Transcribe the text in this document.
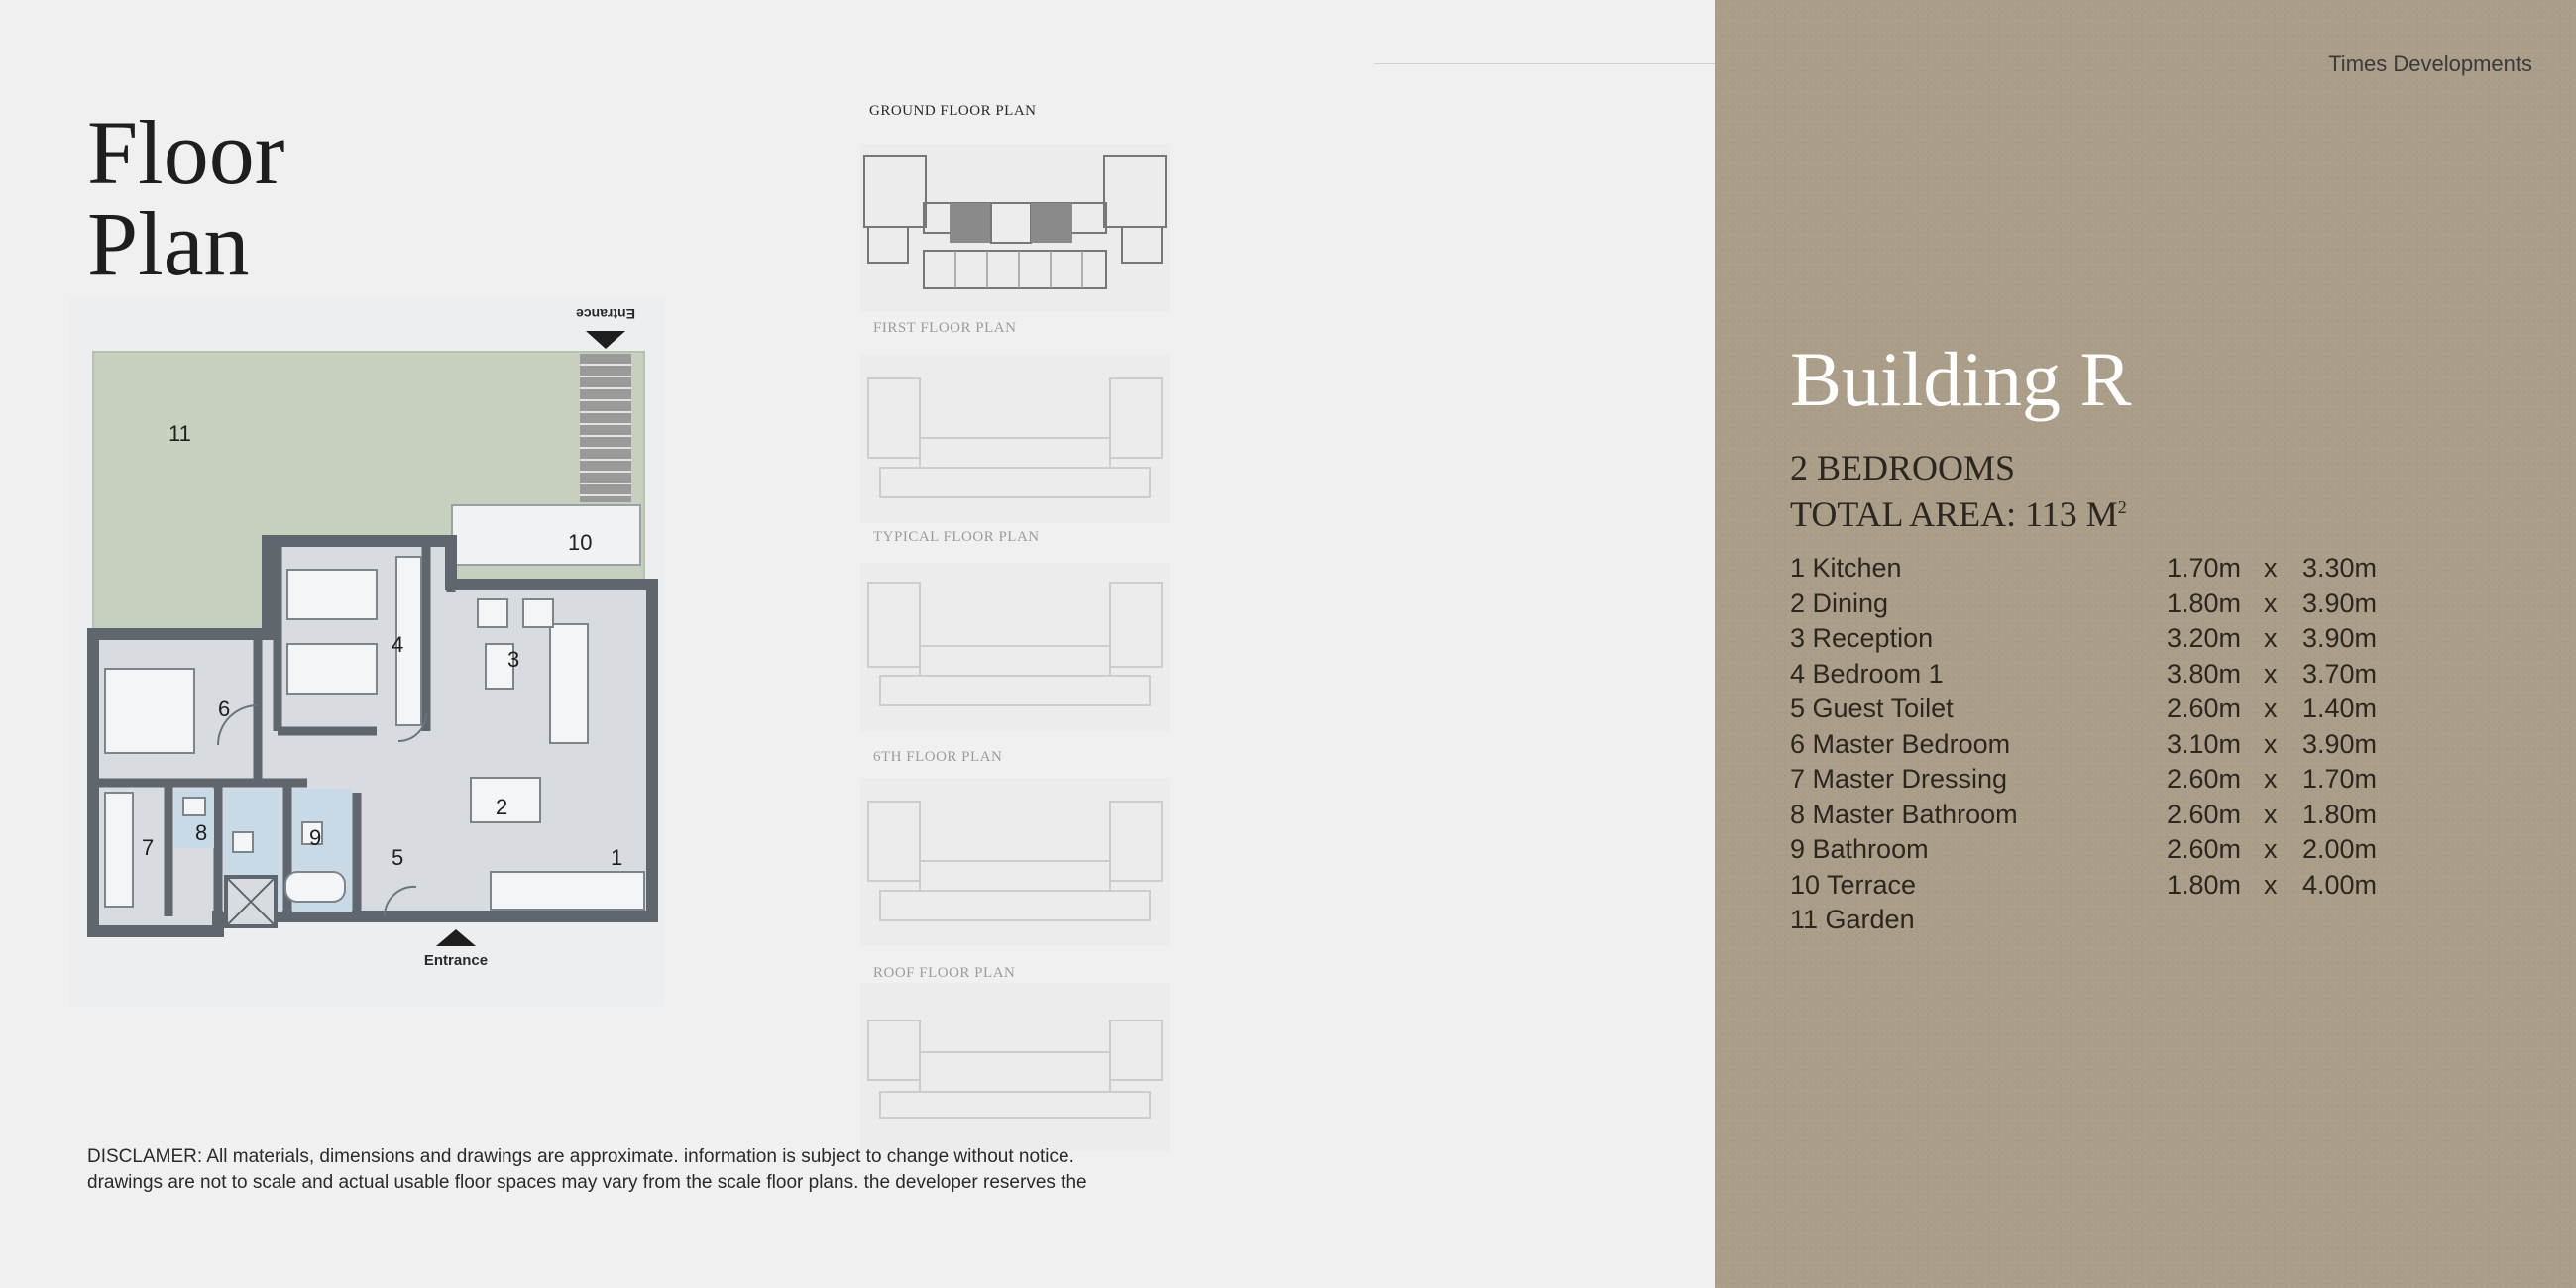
Floor
Plan
Entrance
Entrance
1
2
3
4
5
6
7
8	9
10
11
GROUND FLOOR PLAN
FIRST FLOOR PLAN
TYPICAL FLOOR PLAN
6TH FLOOR PLAN
ROOF FLOOR PLAN
DISCLAMER: All materials, dimensions and drawings are approximate. information is subject to change without notice.
drawings are not to scale and actual usable ﬂoor spaces may vary from the scale ﬂoor plans. the developer reserves the
Times Developments
Building R
2 BEDROOMS
TOTAL AREA: 113 $M^2$
1 Kitchen	1.70m x 3.30m
2 Dining	1.80m x 3.90m
3 Reception	3.20m x 3.90m
4 Bedroom 1	3.80m x 3.70m
5 Guest Toilet	2.60m x 1.40m
6 Master Bedroom	3.10m x 3.90m
7 Master Dressing	2.60m x 1.70m
8 Master Bathroom	2.60m x 1.80m
9 Bathroom	2.60m x 2.00m
10 Terrace	1.80m x 4.00m
11 Garden
